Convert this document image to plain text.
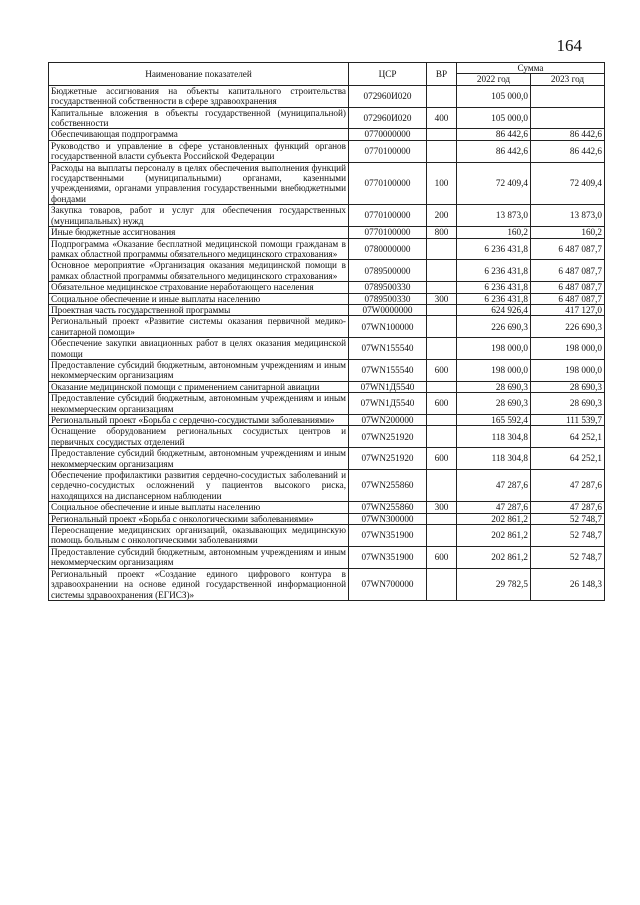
164
Наименование показателей	ЦСР	ВР	Сумма	
			2022 год	2023 год
Бюджетные ассигнования на объекты капитального строительства государственной собственности в сфере здравоохранения	072960И020		105 000,0	
Капитальные вложения в объекты государственной (муниципальной) собственности	072960И020	400	105 000,0	
Обеспечивающая подпрограмма	0770000000		86 442,6	86 442,6
Руководство и управление в сфере установленных функций органов государственной власти субъекта Российской Федерации	0770100000		86 442,6	86 442,6
Расходы на выплаты персоналу в целях обеспечения выполнения функций государственными (муниципальными) органами, казенными учреждениями, органами управления государственными внебюджетными фондами	0770100000	100	72 409,4	72 409,4
Закупка товаров, работ и услуг для обеспечения государственных (муниципальных) нужд	0770100000	200	13 873,0	13 873,0
Иные бюджетные ассигнования	0770100000	800	160,2	160,2
Подпрограмма «Оказание бесплатной медицинской помощи гражданам в рамках областной программы обязательного медицинского страхования»	0780000000		6 236 431,8	6 487 087,7
Основное мероприятие «Организация оказания медицинской помощи в рамках областной программы обязательного медицинского страхования»	0789500000		6 236 431,8	6 487 087,7
Обязательное медицинское страхование неработающего населения	0789500330		6 236 431,8	6 487 087,7
Социальное обеспечение и иные выплаты населению	0789500330	300	6 236 431,8	6 487 087,7
Проектная часть государственной программы	07W0000000		624 926,4	417 127,0
Региональный проект «Развитие системы оказания первичной медико-санитарной помощи»	07WN100000		226 690,3	226 690,3
Обеспечение закупки авиационных работ в целях оказания медицинской помощи	07WN155540		198 000,0	198 000,0
Предоставление субсидий бюджетным, автономным учреждениям и иным некоммерческим организациям	07WN155540	600	198 000,0	198 000,0
Оказание медицинской помощи с применением санитарной авиации	07WN1Д5540		28 690,3	28 690,3
Предоставление субсидий бюджетным, автономным учреждениям и иным некоммерческим организациям	07WN1Д5540	600	28 690,3	28 690,3
Региональный проект «Борьба с сердечно-сосудистыми заболеваниями»	07WN200000		165 592,4	111 539,7
Оснащение оборудованием региональных сосудистых центров и первичных сосудистых отделений	07WN251920		118 304,8	64 252,1
Предоставление субсидий бюджетным, автономным учреждениям и иным некоммерческим организациям	07WN251920	600	118 304,8	64 252,1
Обеспечение профилактики развития сердечно-сосудистых заболеваний и сердечно-сосудистых осложнений у пациентов высокого риска, находящихся на диспансерном наблюдении	07WN255860		47 287,6	47 287,6
Социальное обеспечение и иные выплаты населению	07WN255860	300	47 287,6	47 287,6
Региональный проект «Борьба с онкологическими заболеваниями»	07WN300000		202 861,2	52 748,7
Переоснащение медицинских организаций, оказывающих медицинскую помощь больным с онкологическими заболеваниями	07WN351900		202 861,2	52 748,7
Предоставление субсидий бюджетным, автономным учреждениям и иным некоммерческим организациям	07WN351900	600	202 861,2	52 748,7
Региональный проект «Создание единого цифрового контура в здравоохранении на основе единой государственной информационной системы здравоохранения (ЕГИСЗ)»	07WN700000		29 782,5	26 148,3
